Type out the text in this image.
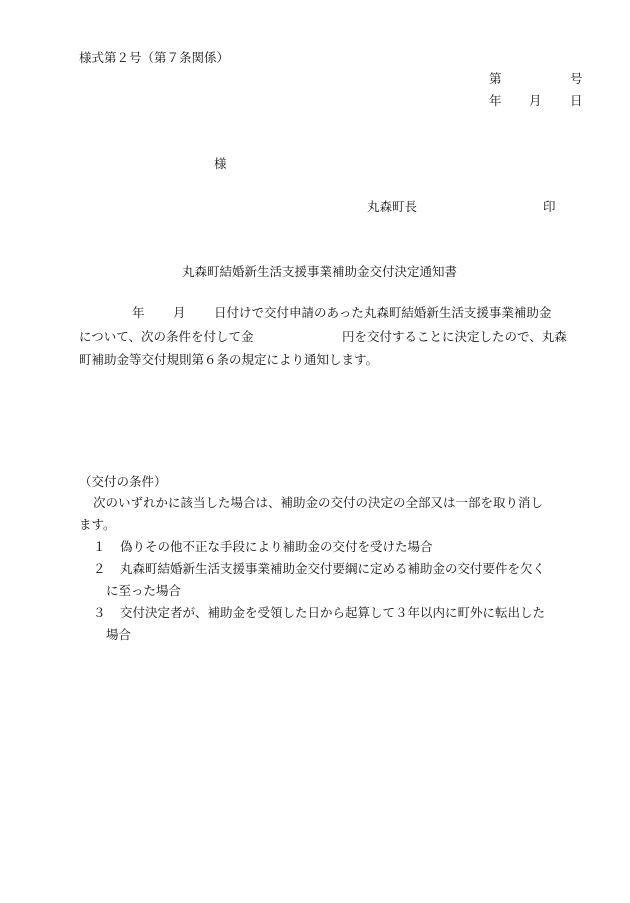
様式第２号（第７条関係）
第	号
年 月 日
様
丸森町長	印
丸森町結婚新生活支援事業補助金交付決定通知書
年 月 日付けで交付申請のあった丸森町結婚新生活支援事業補助金
について、次の条件を付して金	円を交付することに決定したので、丸森
町補助金等交付規則第６条の規定により通知します。
（交付の条件）
次のいずれかに該当した場合は、補助金の交付の決定の全部又は一部を取り消し
ます。
１ 偽りその他不正な手段により補助金の交付を受けた場合
２ 丸森町結婚新生活支援事業補助金交付要綱に定める補助金の交付要件を欠く
に至った場合
３ 交付決定者が、補助金を受領した日から起算して３年以内に町外に転出した
場合
